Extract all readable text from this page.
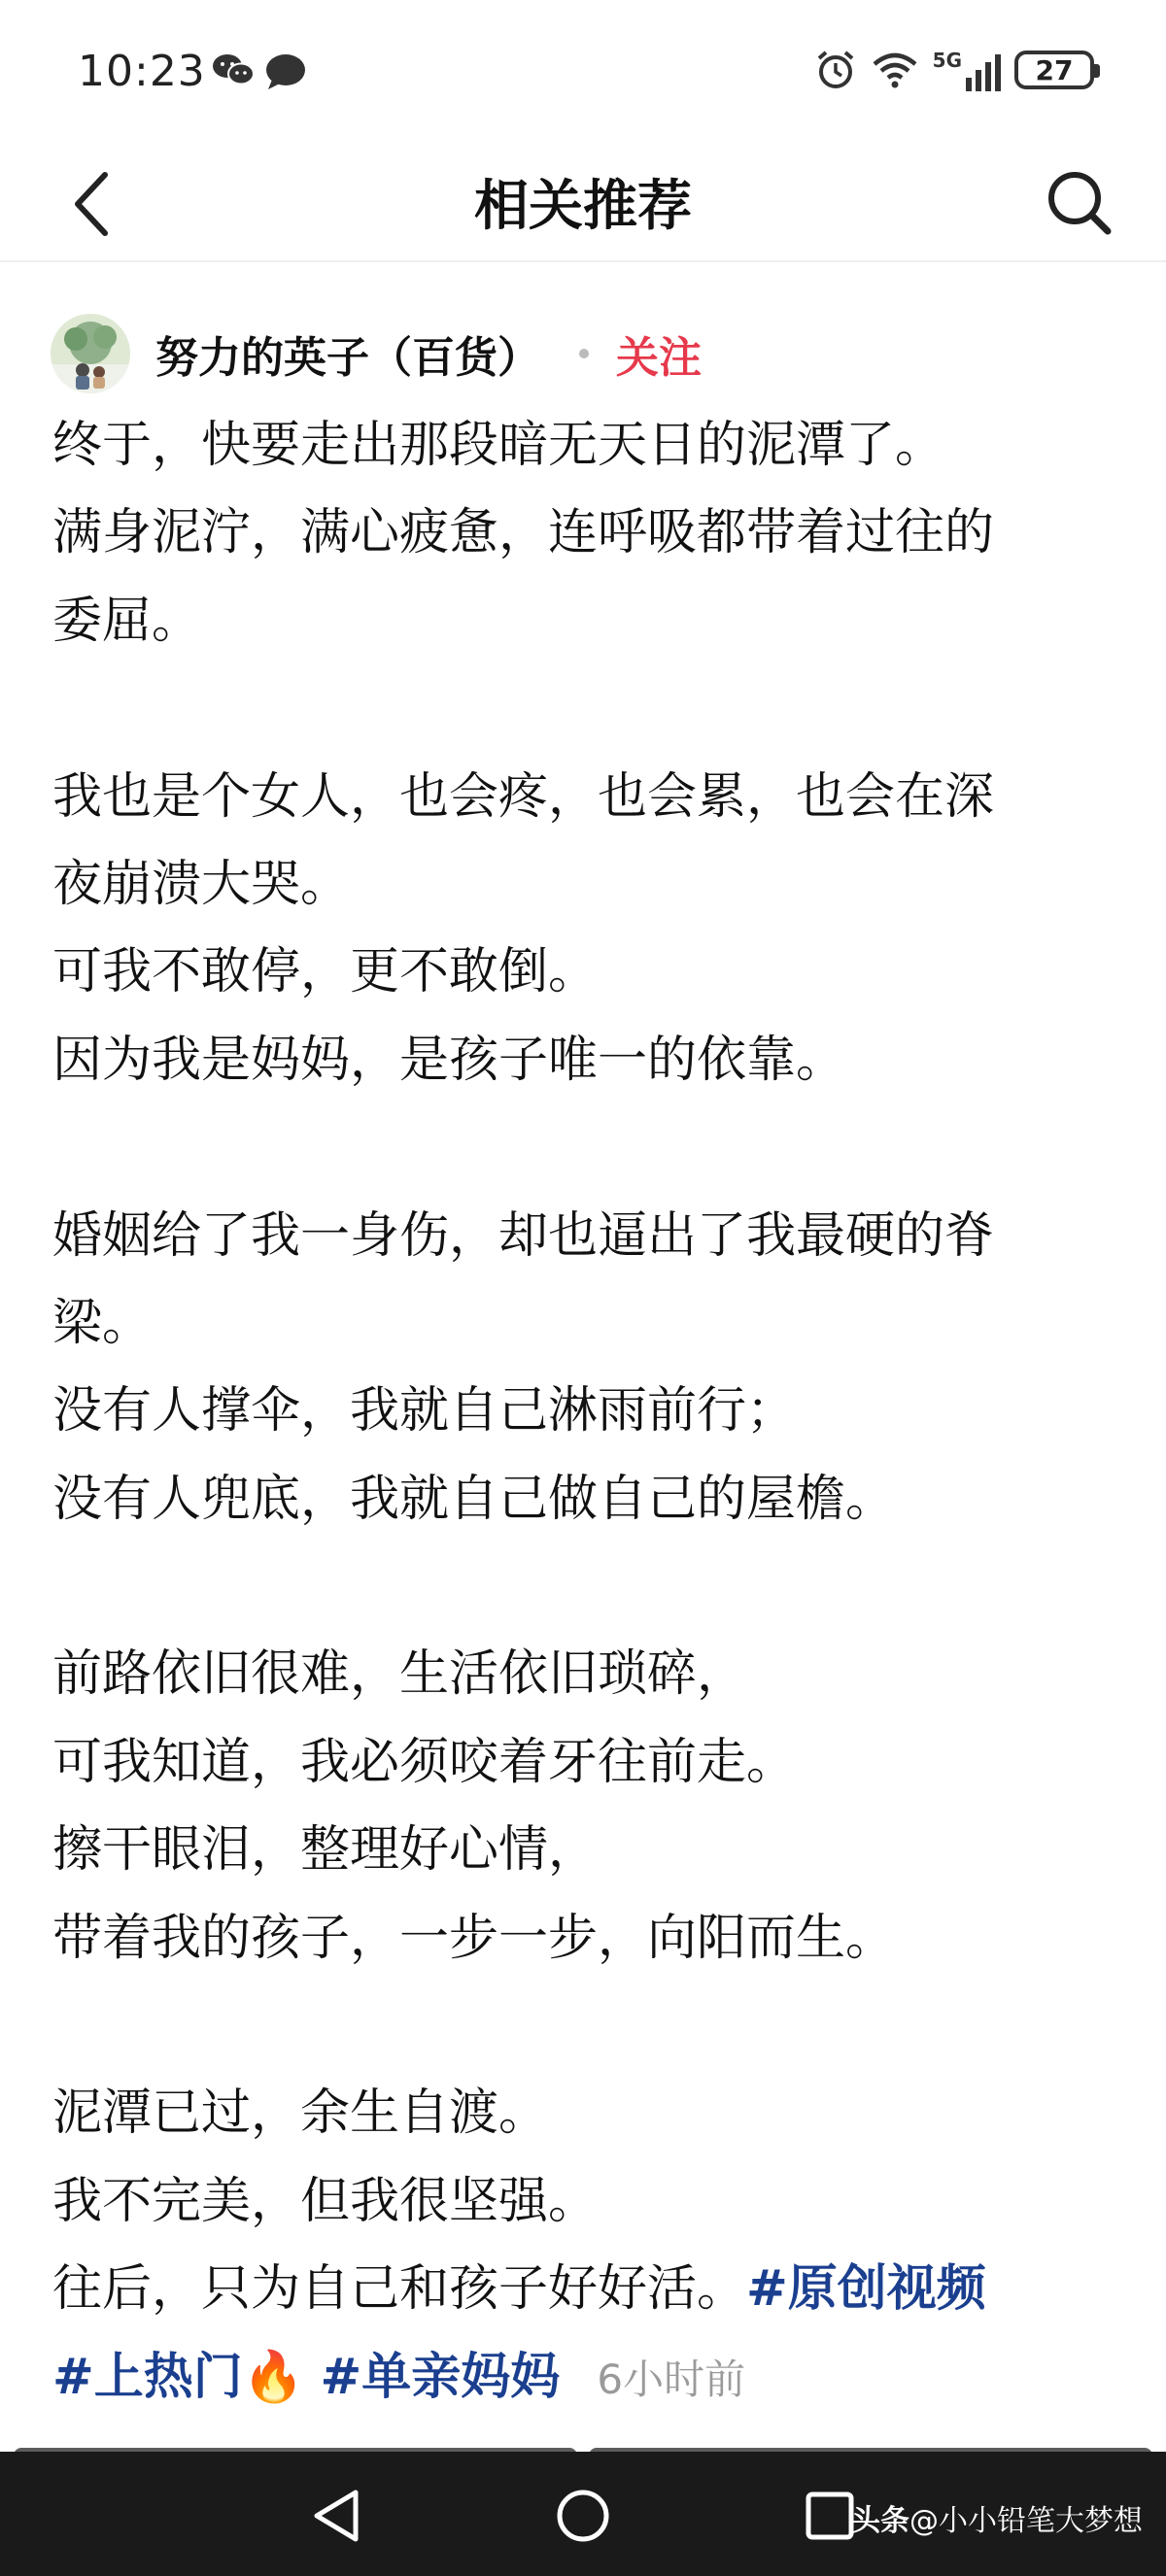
10:23	5G	27
相关推荐
努力的英子（百货） 关注
终于，快要走出那段暗无天日的泥潭了。
满身泥泞，满心疲惫，连呼吸都带着过往的
委屈。
我也是个女人，也会疼，也会累，也会在深
夜崩溃大哭。
可我不敢停，更不敢倒。
因为我是妈妈，是孩子唯一的依靠。
婚姻给了我一身伤，却也逼出了我最硬的脊
梁。
没有人撑伞，我就自己淋雨前行；
没有人兜底，我就自己做自己的屋檐。
前路依旧很难，生活依旧琐碎，
可我知道，我必须咬着牙往前走。
擦干眼泪，整理好心情，
带着我的孩子，一步一步，向阳而生。
泥潭已过，余生自渡。
我不完美，但我很坚强。
往后，只为自己和孩子好好活。#原创视频
#上热门🔥 #单亲妈妈 6小时前
头条@小小铅笔大梦想
